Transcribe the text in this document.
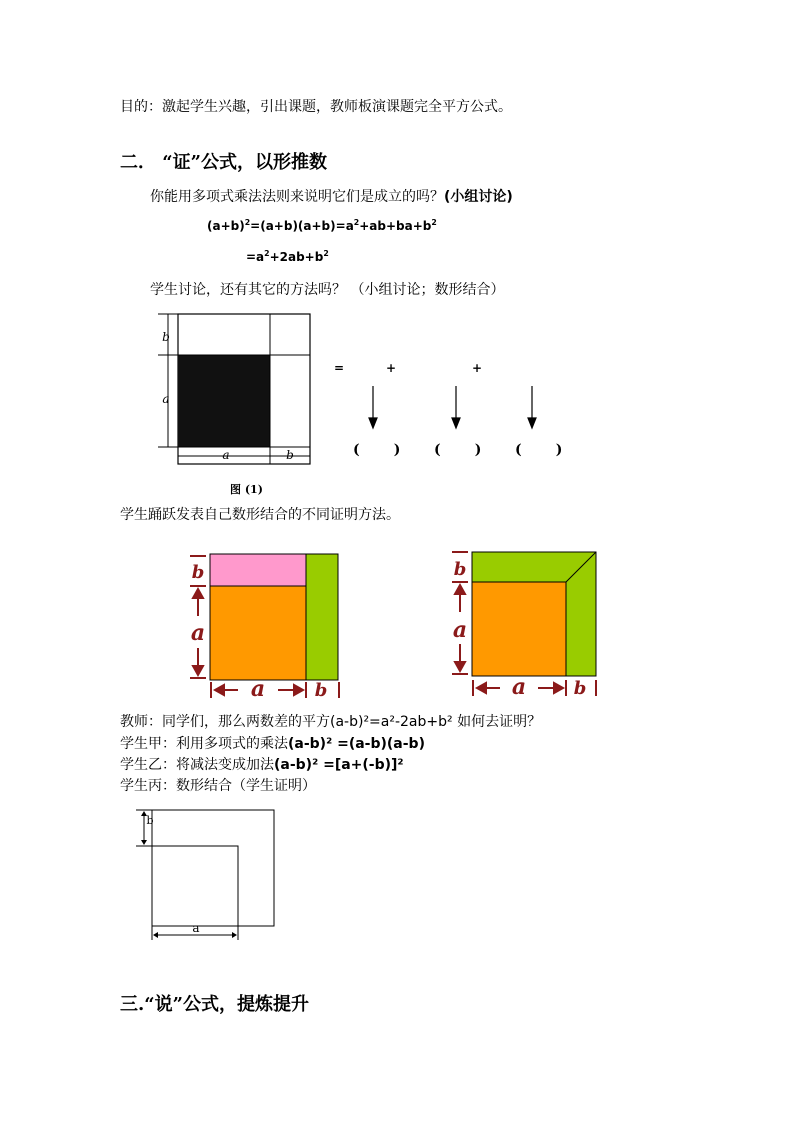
目的：激起学生兴趣，引出课题，教师板演课题完全平方公式。
二． “证”公式，以形推数
你能用多项式乘法法则来说明它们是成立的吗？(小组讨论)
$(a+b)^2=(a+b)(a+b)=a^2+ab+ba+b^2$
$=a^2+2ab+b^2$
学生讨论，还有其它的方法吗？ （小组讨论；数形结合）
b
a
a	b
=	+	+
(       ) (       ) (       )
图 (1)
学生踊跃发表自己数形结合的不同证明方法。
b
a
a	b
b
a
a	b
教师：同学们，那么两数差的平方(a-b)²=a²-2ab+b² 如何去证明？
学生甲：利用多项式的乘法(a-b)² =(a-b)(a-b)
学生乙：将减法变成加法(a-b)² =[a+(-b)]²
学生丙：数形结合（学生证明）
b
a
三.“说”公式，提炼提升
